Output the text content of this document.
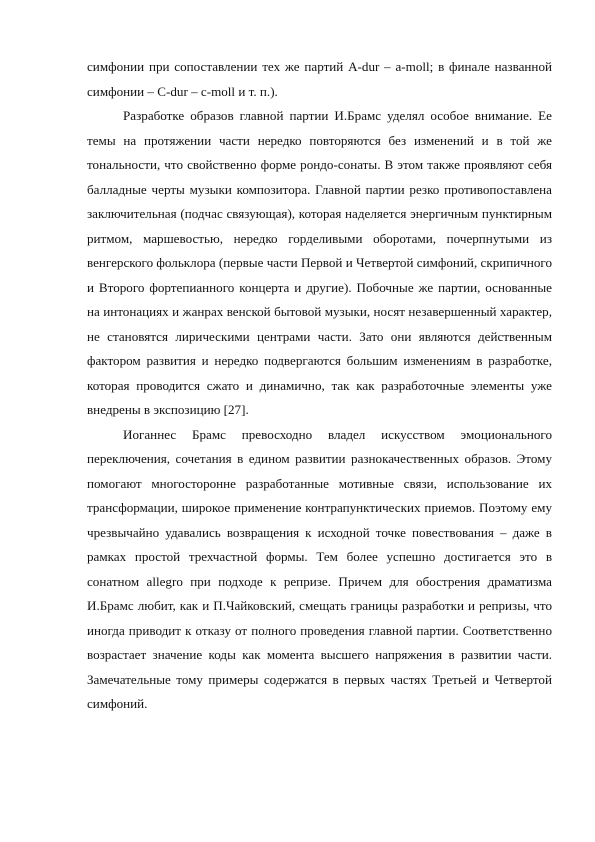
симфонии при сопоставлении тех же партий A-dur – a-moll; в финале названной симфонии – C-dur – c-moll и т. п.).

Разработке образов главной партии И.Брамс уделял особое внимание. Ее темы на протяжении части нередко повторяются без изменений и в той же тональности, что свойственно форме рондо-сонаты. В этом также проявляют себя балладные черты музыки композитора. Главной партии резко противопоставлена заключительная (подчас связующая), которая наделяется энергичным пунктирным ритмом, маршевостью, нередко горделивыми оборотами, почерпнутыми из венгерского фольклора (первые части Первой и Четвертой симфоний, скрипичного и Второго фортепианного концерта и другие). Побочные же партии, основанные на интонациях и жанрах венской бытовой музыки, носят незавершенный характер, не становятся лирическими центрами части. Зато они являются действенным фактором развития и нередко подвергаются большим изменениям в разработке, которая проводится сжато и динамично, так как разработочные элементы уже внедрены в экспозицию [27].

Иоганнес Брамс превосходно владел искусством эмоционального переключения, сочетания в едином развитии разнокачественных образов. Этому помогают многосторонне разработанные мотивные связи, использование их трансформации, широкое применение контрапунктических приемов. Поэтому ему чрезвычайно удавались возвращения к исходной точке повествования – даже в рамках простой трехчастной формы. Тем более успешно достигается это в сонатном allegro при подходе к репризе. Причем для обострения драматизма И.Брамс любит, как и П.Чайковский, смещать границы разработки и репризы, что иногда приводит к отказу от полного проведения главной партии. Соответственно возрастает значение коды как момента высшего напряжения в развитии части. Замечательные тому примеры содержатся в первых частях Третьей и Четвертой симфоний.
